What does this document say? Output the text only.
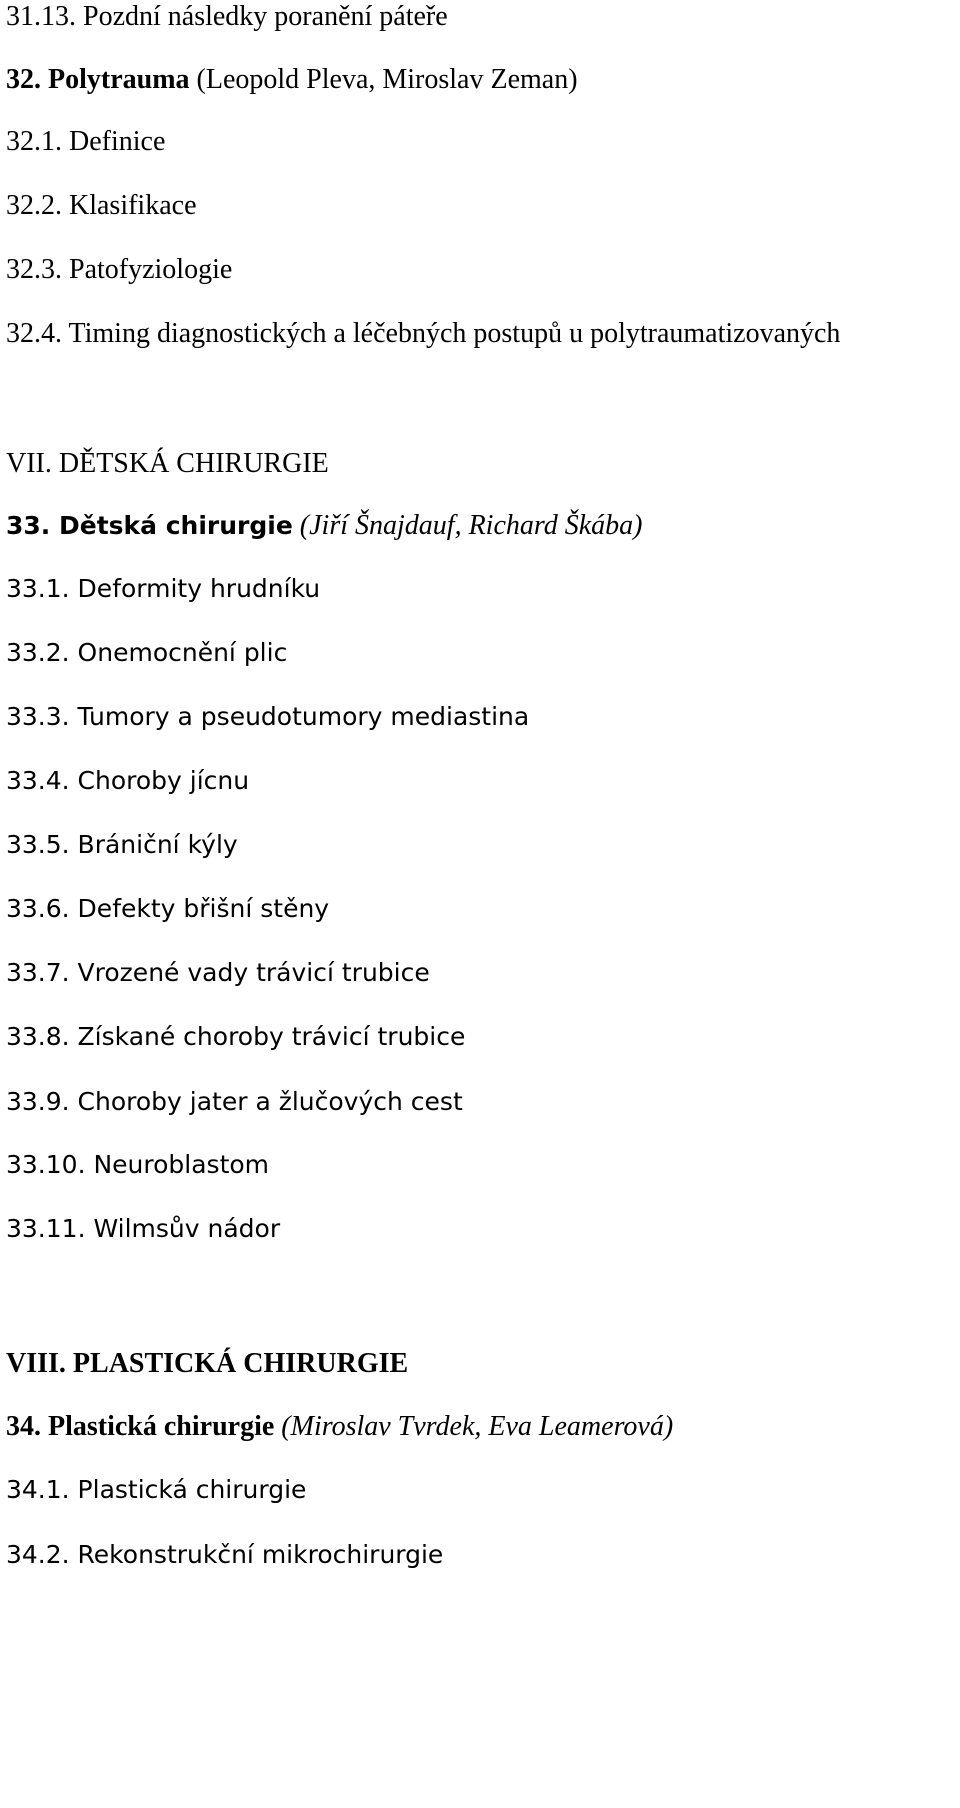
31.13. Pozdní následky poranění páteře
32. Polytrauma (Leopold Pleva, Miroslav Zeman)
32.1. Definice
32.2. Klasifikace
32.3. Patofyziologie
32.4. Timing diagnostických a léčebných postupů u polytraumatizovaných
VII. DĚTSKÁ CHIRURGIE
33. Dětská chirurgie (Jiří Šnajdauf, Richard Škába)
33.1. Deformity hrudníku
33.2. Onemocnění plic
33.3. Tumory a pseudotumory mediastina
33.4. Choroby jícnu
33.5. Brániční kýly
33.6. Defekty břišní stěny
33.7. Vrozené vady trávicí trubice
33.8. Získané choroby trávicí trubice
33.9. Choroby jater a žlučových cest
33.10. Neuroblastom
33.11. Wilmsův nádor
VIII. PLASTICKÁ CHIRURGIE
34. Plastická chirurgie (Miroslav Tvrdek, Eva Leamerová)
34.1. Plastická chirurgie
34.2. Rekonstrukční mikrochirurgie
